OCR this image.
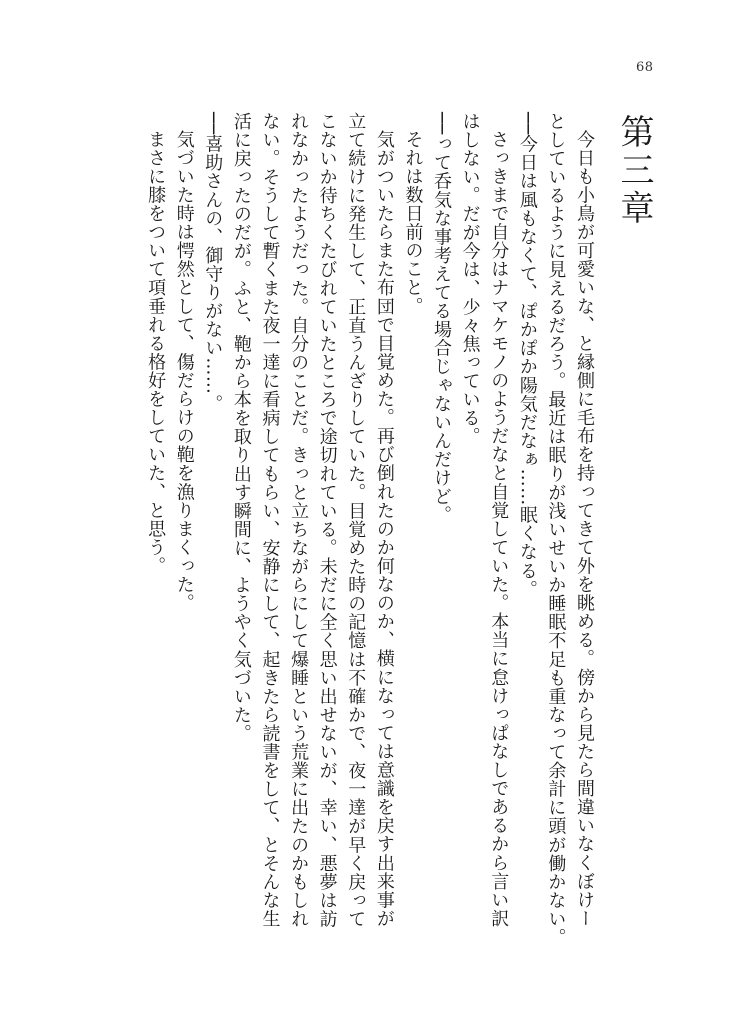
68
第三章

今日も小鳥が可愛いな、と縁側に毛布を持ってきて外を眺める。傍から見たら間違いなくぼけー

としているように見えるだろう。最近は眠りが浅いせいか睡眠不足も重なって余計に頭が働かない。

──今日は風もなくて、ぽかぽか陽気だなぁ……眠くなる。

さっきまで自分はナマケモノのようだなと自覚していた。本当に怠けっぱなしであるから言い訳

はしない。だが今は、少々焦っている。

──って呑気な事考えてる場合じゃないんだけど。

それは数日前のこと。

気がついたらまた布団で目覚めた。再び倒れたのか何なのか、横になっては意識を戻す出来事が

立て続けに発生して、正直うんざりしていた。目覚めた時の記憶は不確かで、夜一達が早く戻って

こないか待ちくたびれていたところで途切れている。未だに全く思い出せないが、幸い、悪夢は訪

れなかったようだった。自分のことだ。きっと立ちながらにして爆睡という荒業に出たのかもしれ

ない。そうして暫くまた夜一達に看病してもらい、安静にして、起きたら読書をして、とそんな生

活に戻ったのだが。ふと、鞄から本を取り出す瞬間に、ようやく気づいた。

──喜助さんの、御守りがない……。

気づいた時は愕然として、傷だらけの鞄を漁りまくった。

まさに膝をついて項垂れる格好をしていた、と思う。
